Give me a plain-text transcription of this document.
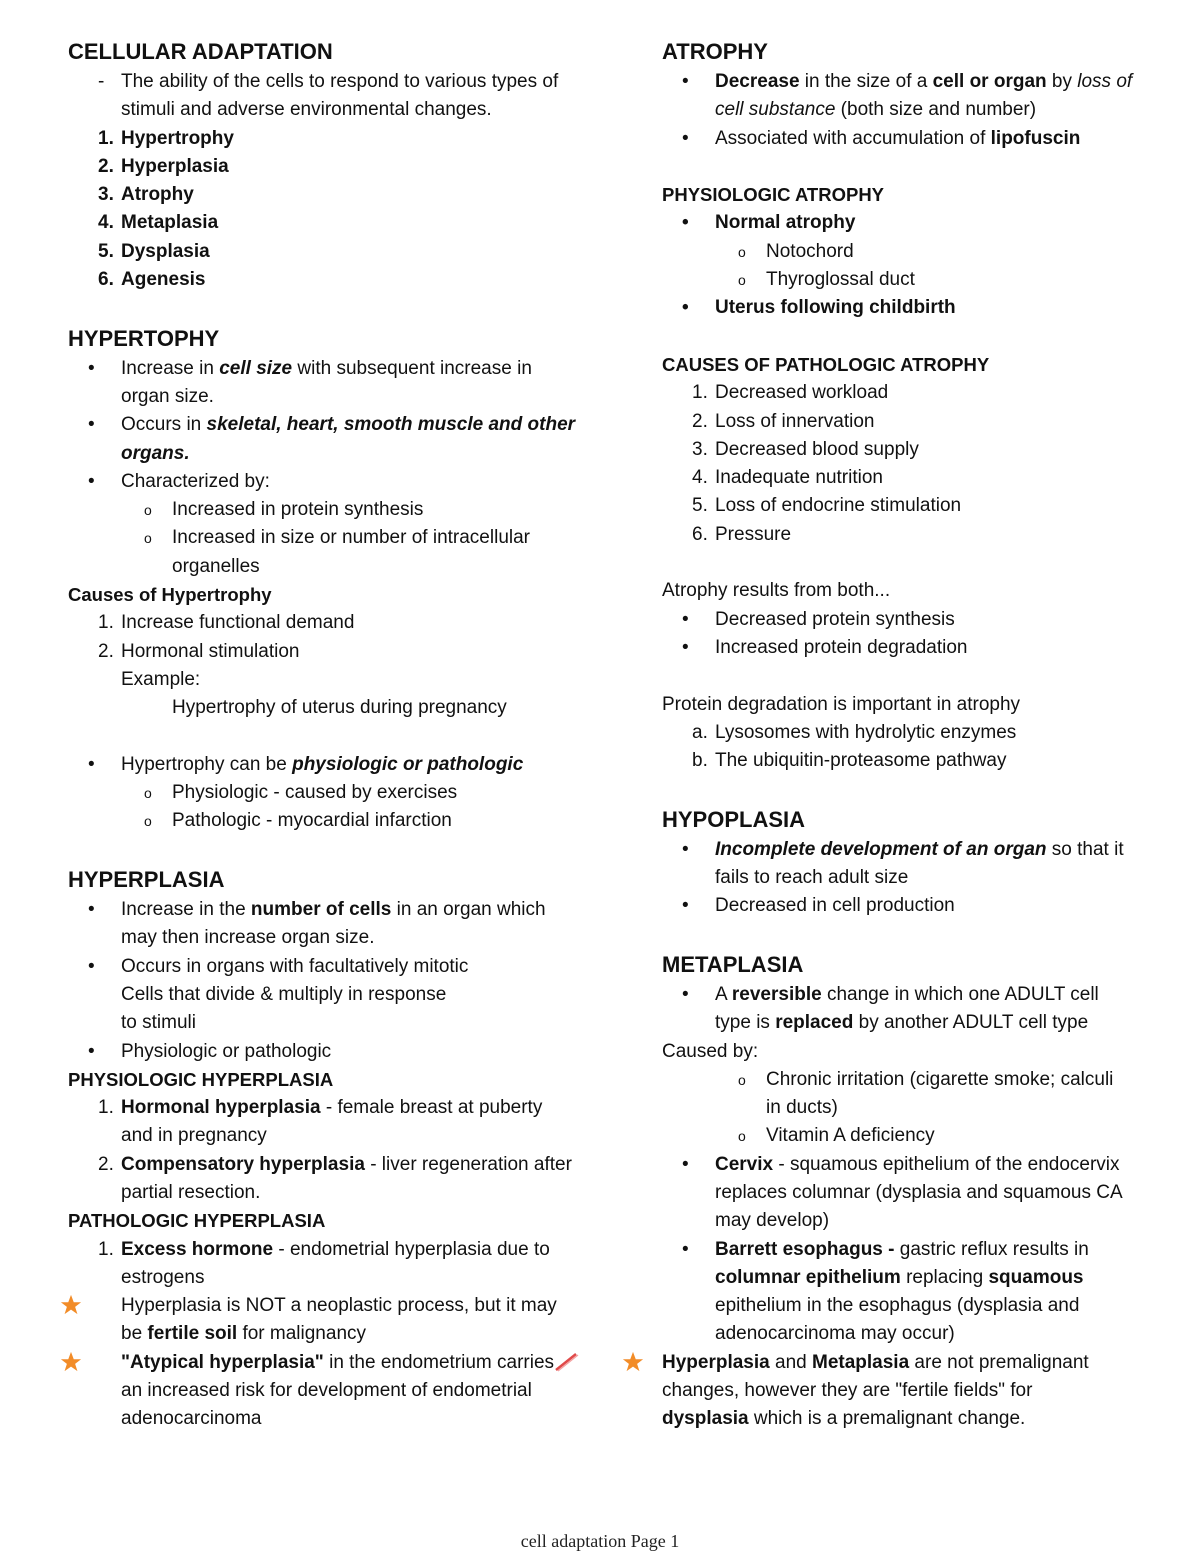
CELLULAR ADAPTATION
- The ability of the cells to respond to various types of
stimuli and adverse environmental changes.
1. Hypertrophy
2. Hyperplasia
3. Atrophy
4. Metaplasia
5. Dysplasia
6. Agenesis
HYPERTOPHY
•	Increase in cell size with subsequent increase in
organ size.
•	Occurs in skeletal, heart, smooth muscle and other
organs.
•	Characterized by:
o	Increased in protein synthesis
o	Increased in size or number of intracellular
organelles
Causes of Hypertrophy
1. Increase functional demand
2. Hormonal stimulation
Example:
Hypertrophy of uterus during pregnancy
•	Hypertrophy can be physiologic or pathologic
o	Physiologic - caused by exercises
o	Pathologic - myocardial infarction
HYPERPLASIA
•	Increase in the number of cells in an organ which
may then increase organ size.
•	Occurs in organs with facultatively mitotic
Cells that divide & multiply in response
to stimuli
•	Physiologic or pathologic
PHYSIOLOGIC HYPERPLASIA
1. Hormonal hyperplasia - female breast at puberty
and in pregnancy
2. Compensatory hyperplasia - liver regeneration after
partial resection.
PATHOLOGIC HYPERPLASIA
1. Excess hormone - endometrial hyperplasia due to
estrogens
Hyperplasia is NOT a neoplastic process, but it may
be fertile soil for malignancy
"Atypical hyperplasia" in the endometrium carries
an increased risk for development of endometrial
adenocarcinoma
ATROPHY
•	Decrease in the size of a cell or organ by loss of
cell substance (both size and number)
•	Associated with accumulation of lipofuscin
PHYSIOLOGIC ATROPHY
•	Normal atrophy
o	Notochord
o	Thyroglossal duct
•	Uterus following childbirth
CAUSES OF PATHOLOGIC ATROPHY
1. Decreased workload
2. Loss of innervation
3. Decreased blood supply
4. Inadequate nutrition
5. Loss of endocrine stimulation
6. Pressure
Atrophy results from both...
•	Decreased protein synthesis
•	Increased protein degradation
Protein degradation is important in atrophy
a. Lysosomes with hydrolytic enzymes
b. The ubiquitin-proteasome pathway
HYPOPLASIA
•	Incomplete development of an organ so that it
fails to reach adult size
•	Decreased in cell production
METAPLASIA
•	A reversible change in which one ADULT cell
type is replaced by another ADULT cell type
Caused by:
o	Chronic irritation (cigarette smoke; calculi
in ducts)
o	Vitamin A deficiency
•	Cervix - squamous epithelium of the endocervix
replaces columnar (dysplasia and squamous CA
may develop)
•	Barrett esophagus - gastric reflux results in
columnar epithelium replacing squamous
epithelium in the esophagus (dysplasia and
adenocarcinoma may occur)
Hyperplasia and Metaplasia are not premalignant
changes, however they are "fertile fields" for
dysplasia which is a premalignant change.
cell adaptation Page 1
